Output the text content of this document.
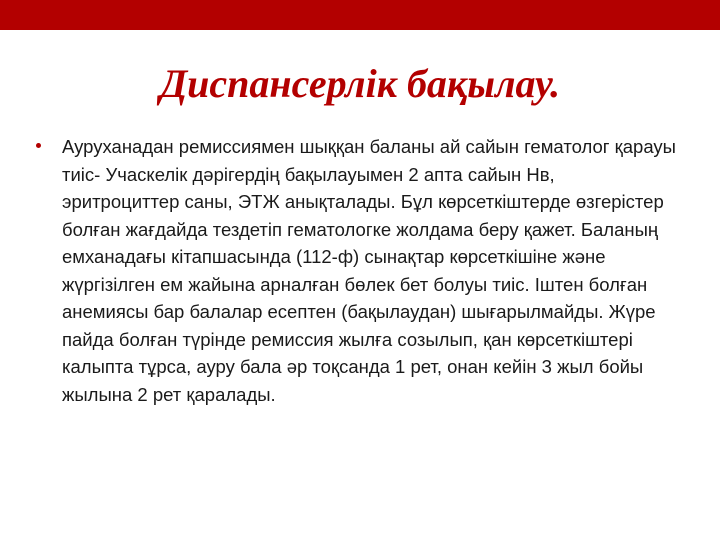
Диспансерлік бақылау.
Ауруханадан ремиссиямен шыққан баланы ай сайын гематолог қарауы тиіс- Учаскелік дәрігердің бақылауымен 2 апта сайын Нв, эритроциттер саны, ЭТЖ анықталады. Бұл көрсеткіштерде өзгерістер болған жағдайда тездетіп гематологке жолдама беру қажет. Баланың емханадағы кітапшасында (112-ф) сынақтар көрсеткішіне және жүргізілген ем жайына арналған бөлек бет болуы тиіс. Іштен болған анемиясы бар балалар есептен (бақылаудан) шығарылмайды. Жүре пайда болған түрінде ремиссия жылға созылып, қан көрсеткіштері калыпта тұрса, ауру бала әр тоқсанда 1 рет, онан кейін 3 жыл бойы жылына 2 рет қаралады.
